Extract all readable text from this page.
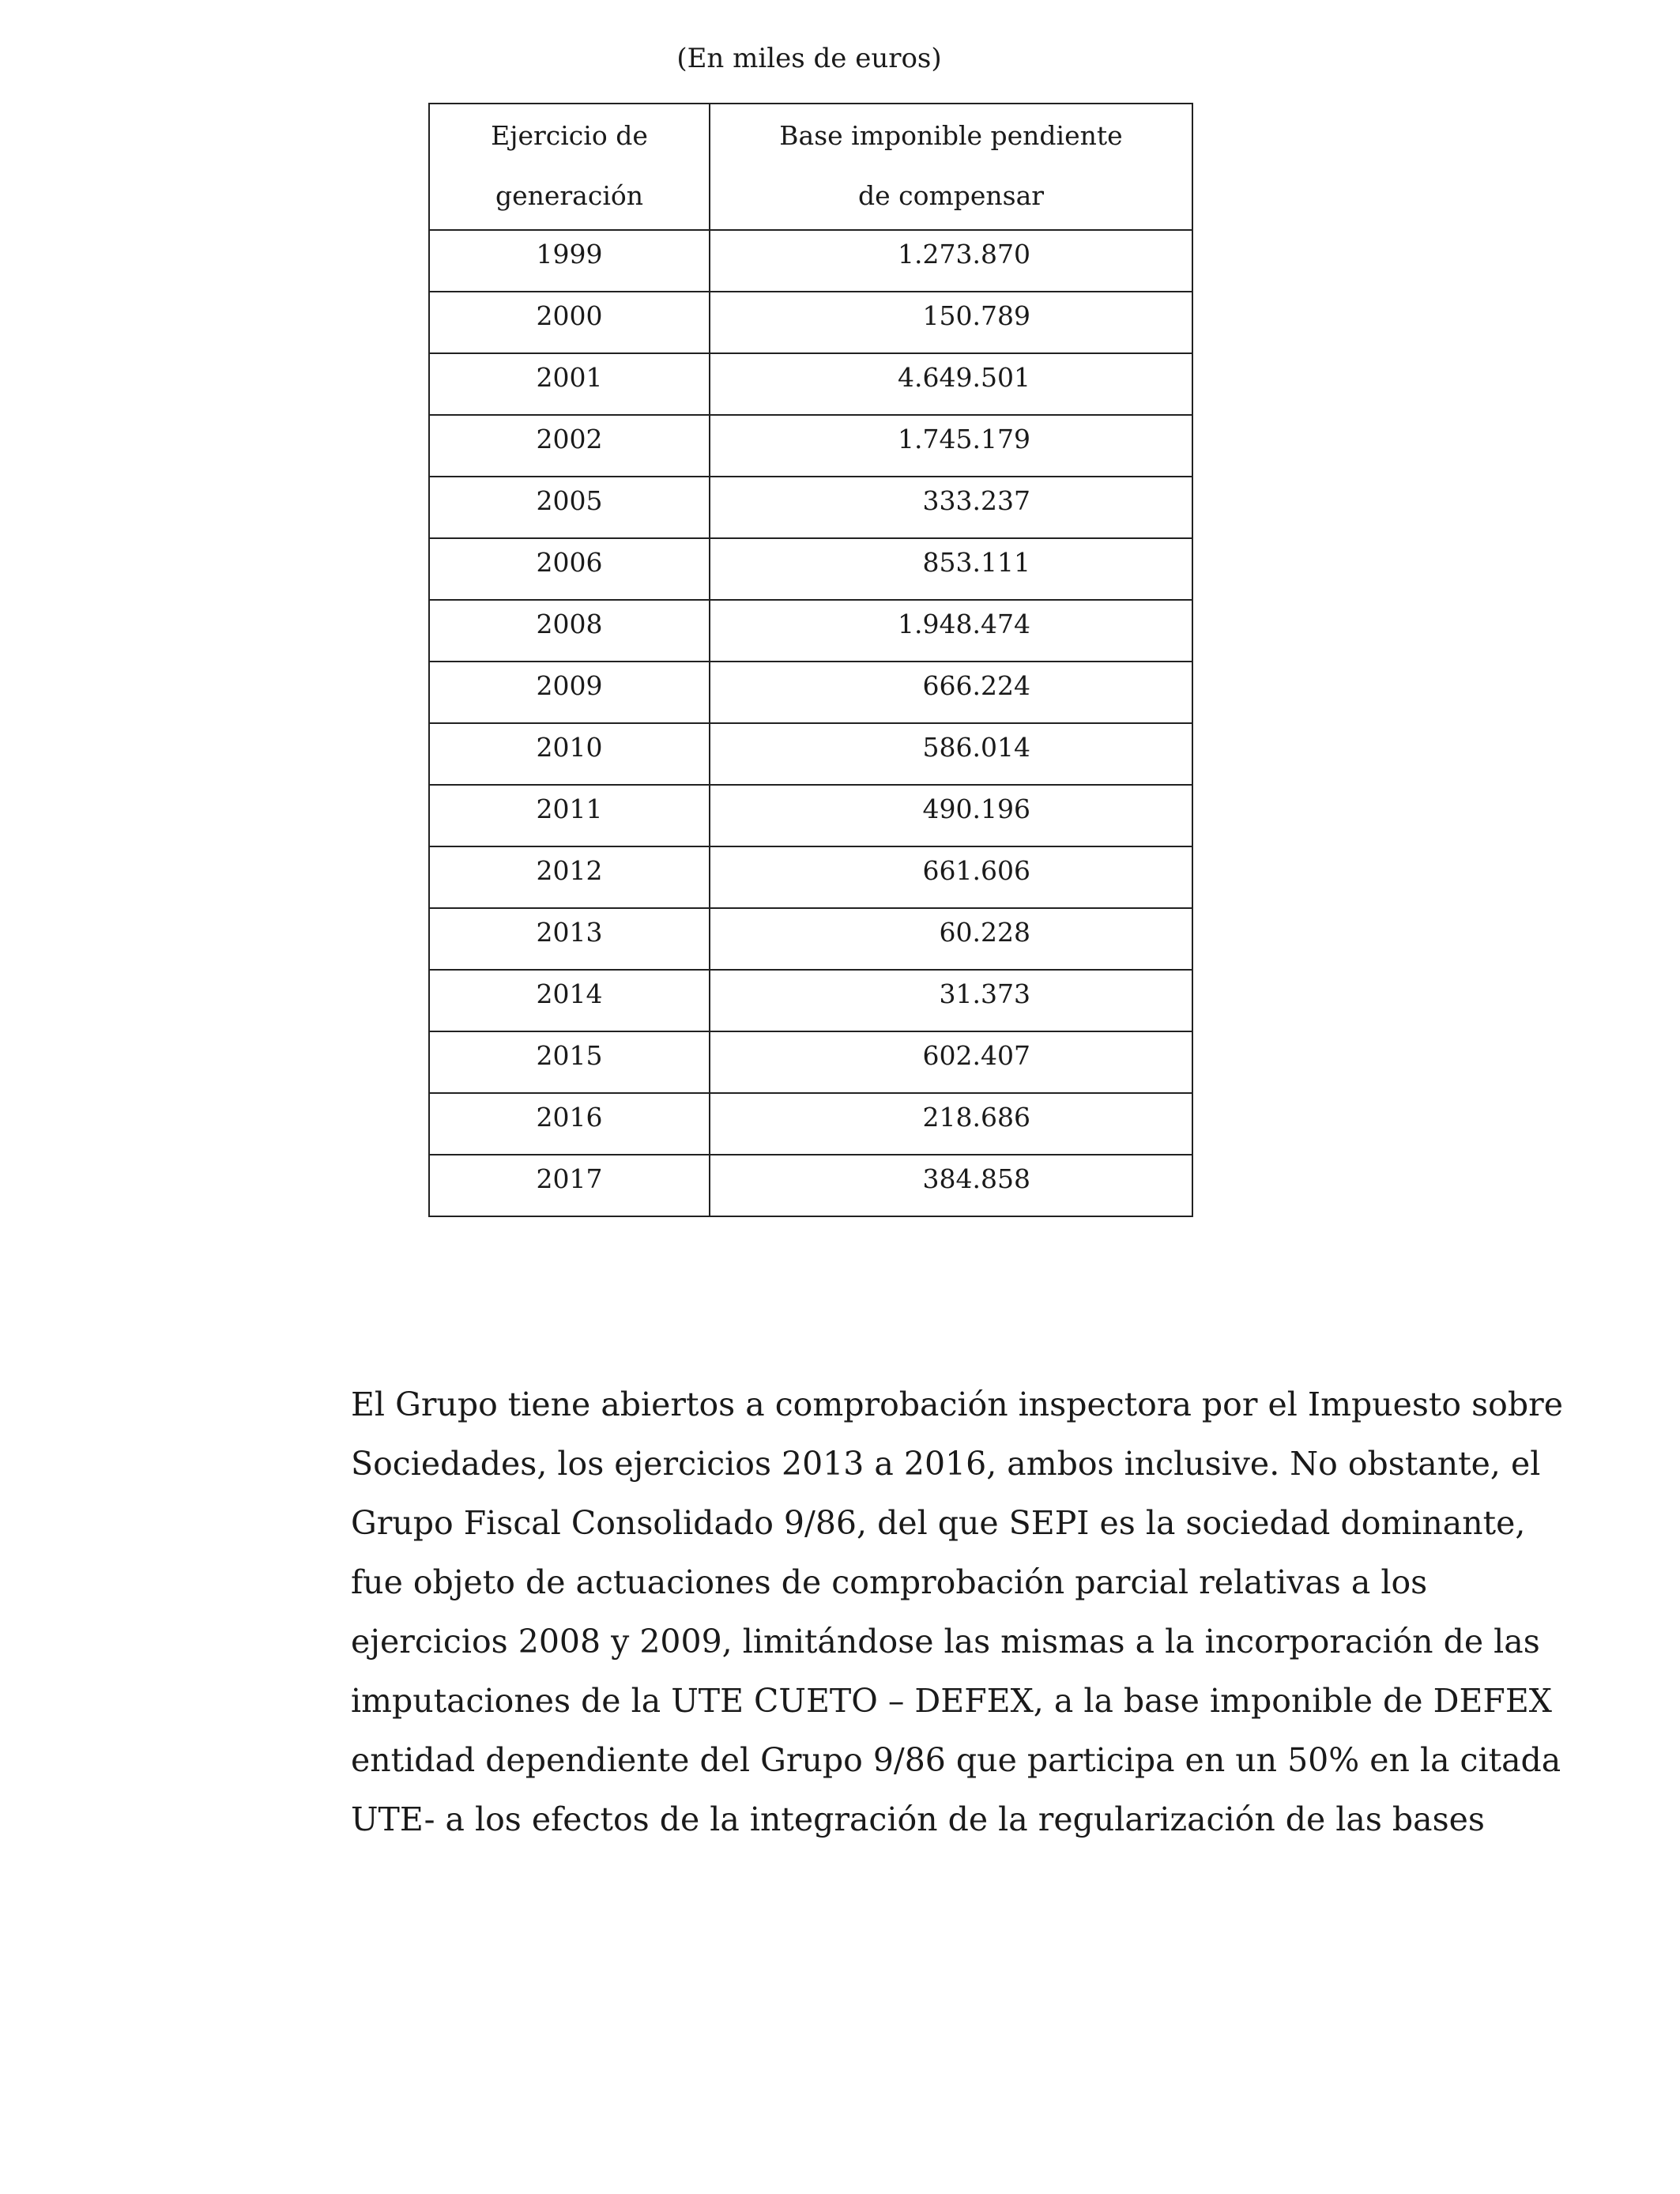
(En miles de euros)
Ejercicio de
generación	Base imponible pendiente
de compensar

1999	1.273.870
2000	150.789
2001	4.649.501
2002	1.745.179
2005	333.237
2006	853.111
2008	1.948.474
2009	666.224
2010	586.014
2011	490.196
2012	661.606
2013	60.228
2014	31.373
2015	602.407
2016	218.686
2017	384.858
El Grupo tiene abiertos a comprobación inspectora por el Impuesto sobre
Sociedades, los ejercicios 2013 a 2016, ambos inclusive. No obstante, el
Grupo Fiscal Consolidado 9/86, del que SEPI es la sociedad dominante,
fue objeto de actuaciones de comprobación parcial relativas a los
ejercicios 2008 y 2009, limitándose las mismas a la incorporación de las
imputaciones de la UTE CUETO – DEFEX, a la base imponible de DEFEX
entidad dependiente del Grupo 9/86 que participa en un 50% en la citada
UTE- a los efectos de la integración de la regularización de las bases
